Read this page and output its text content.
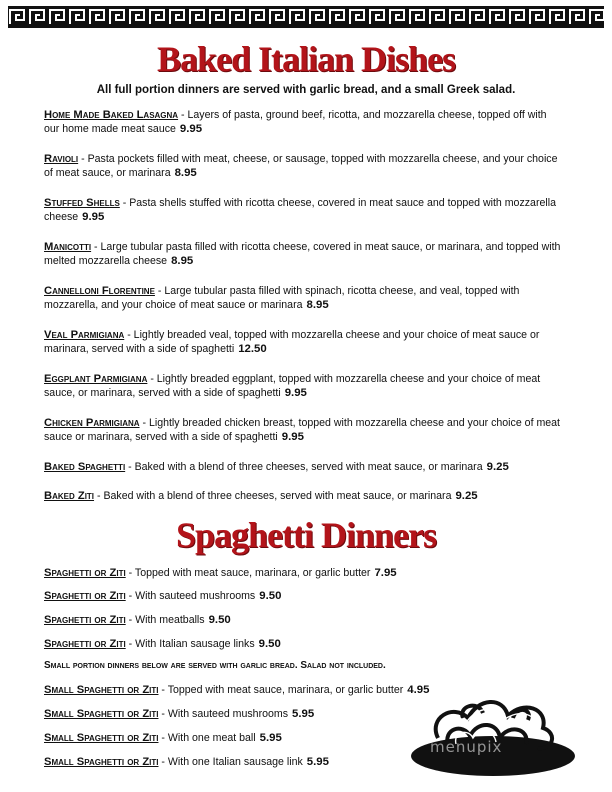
Baked Italian Dishes
All full portion dinners are served with garlic bread, and a small Greek salad.
Home Made Baked Lasagna - Layers of pasta, ground beef, ricotta, and mozzarella cheese, topped off with our home made meat sauce 9.95
Ravioli - Pasta pockets filled with meat, cheese, or sausage, topped with mozzarella cheese, and your choice of meat sauce, or marinara 8.95
Stuffed Shells - Pasta shells stuffed with ricotta cheese, covered in meat sauce and topped with mozzarella cheese 9.95
Manicotti - Large tubular pasta filled with ricotta cheese, covered in meat sauce, or marinara, and topped with melted mozzarella cheese 8.95
Cannelloni Florentine - Large tubular pasta filled with spinach, ricotta cheese, and veal, topped with mozzarella, and your choice of meat sauce or marinara 8.95
Veal Parmigiana - Lightly breaded veal, topped with mozzarella cheese and your choice of meat sauce or marinara, served with a side of spaghetti 12.50
Eggplant Parmigiana - Lightly breaded eggplant, topped with mozzarella cheese and your choice of meat sauce, or marinara, served with a side of spaghetti 9.95
Chicken Parmigiana - Lightly breaded chicken breast, topped with mozzarella cheese and your choice of meat sauce or marinara, served with a side of spaghetti 9.95
Baked Spaghetti - Baked with a blend of three cheeses, served with meat sauce, or marinara 9.25
Baked Ziti - Baked with a blend of three cheeses, served with meat sauce, or marinara 9.25
Spaghetti Dinners
Spaghetti or Ziti - Topped with meat sauce, marinara, or garlic butter 7.95
Spaghetti or Ziti - With sauteed mushrooms 9.50
Spaghetti or Ziti - With meatballs 9.50
Spaghetti or Ziti - With Italian sausage links 9.50
Small portion dinners below are served with garlic bread. Salad not included.
Small Spaghetti or Ziti - Topped with meat sauce, marinara, or garlic butter 4.95
Small Spaghetti or Ziti - With sauteed mushrooms 5.95
Small Spaghetti or Ziti - With one meat ball 5.95
Small Spaghetti or Ziti - With one Italian sausage link 5.95
menupix
